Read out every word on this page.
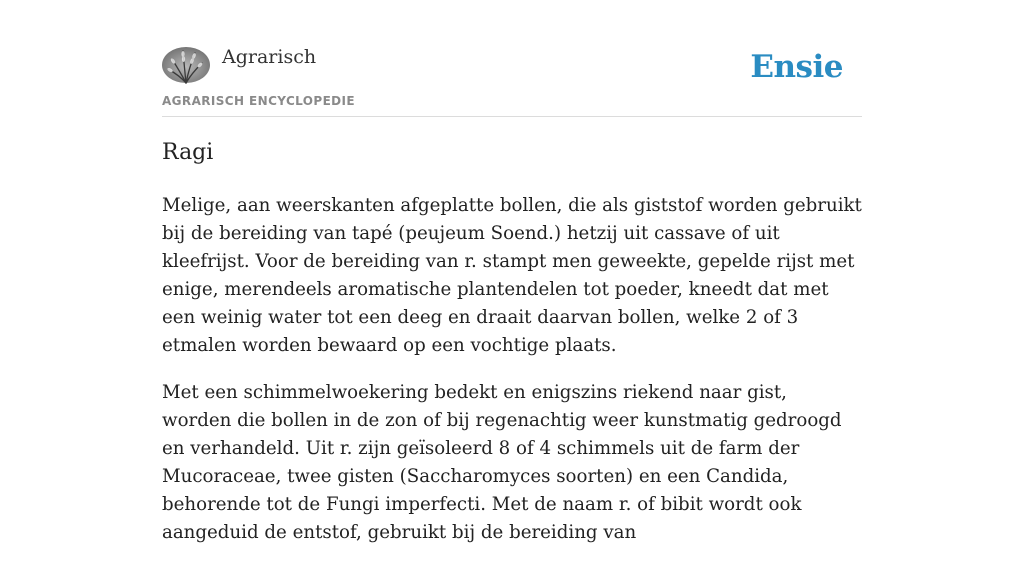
Agrarisch
AGRARISCH ENCYCLOPEDIE
Ensie
Ragi

Melige, aan weerskanten afgeplatte bollen, die als giststof worden gebruikt bij de bereiding van tapé (peujeum Soend.) hetzij uit cassave of uit kleefrijst. Voor de bereiding van r. stampt men geweekte, gepelde rijst met enige, merendeels aromatische plantendelen tot poeder, kneedt dat met een weinig water tot een deeg en draait daarvan bollen, welke 2 of 3 etmalen worden bewaard op een vochtige plaats.

Met een schimmelwoekering bedekt en enigszins riekend naar gist, worden die bollen in de zon of bij regenachtig weer kunstmatig gedroogd en verhandeld. Uit r. zijn geïsoleerd 8 of 4 schimmels uit de farm der Mucoraceae, twee gisten (Saccharomyces soorten) en een Candida, behorende tot de Fungi imperfecti. Met de naam r. of bibit wordt ook aangeduid de entstof, gebruikt bij de bereiding van
